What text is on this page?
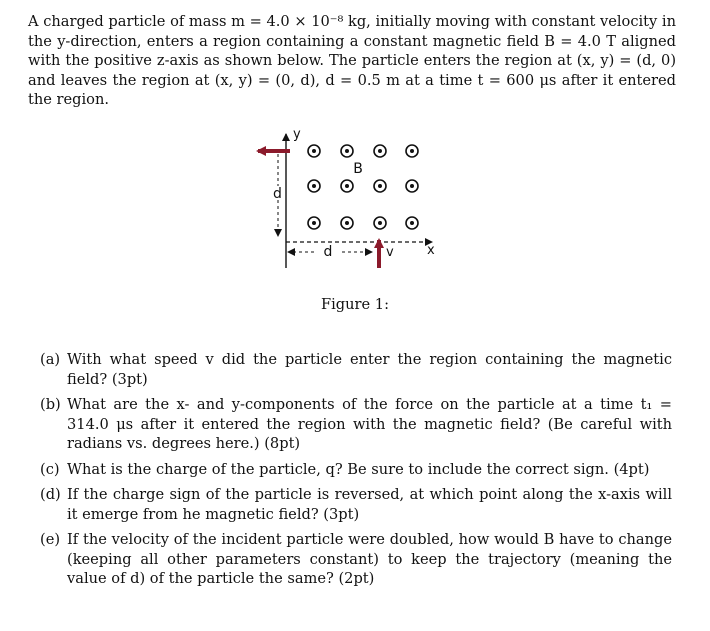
A charged particle of mass m = 4.0 × 10⁻⁸ kg, initially moving with constant velocity in the y-direction, enters a region containing a constant magnetic field B = 4.0 T aligned with the positive z-axis as shown below. The particle enters the region at (x, y) = (d, 0) and leaves the region at (x, y) = (0, d), d = 0.5 m at a time t = 600 μs after it entered the region.
y
x
d
d	v
B
Figure 1:
(a) With what speed v did the particle enter the region containing the magnetic field? (3pt)
(b) What are the x- and y-components of the force on the particle at a time t₁ = 314.0 μs after it entered the region with the magnetic field? (Be careful with radians vs. degrees here.) (8pt)
(c) What is the charge of the particle, q? Be sure to include the correct sign. (4pt)
(d) If the charge sign of the particle is reversed, at which point along the x-axis will it emerge from he magnetic field? (3pt)
(e) If the velocity of the incident particle were doubled, how would B have to change (keeping all other parameters constant) to keep the trajectory (meaning the value of d) of the particle the same? (2pt)
